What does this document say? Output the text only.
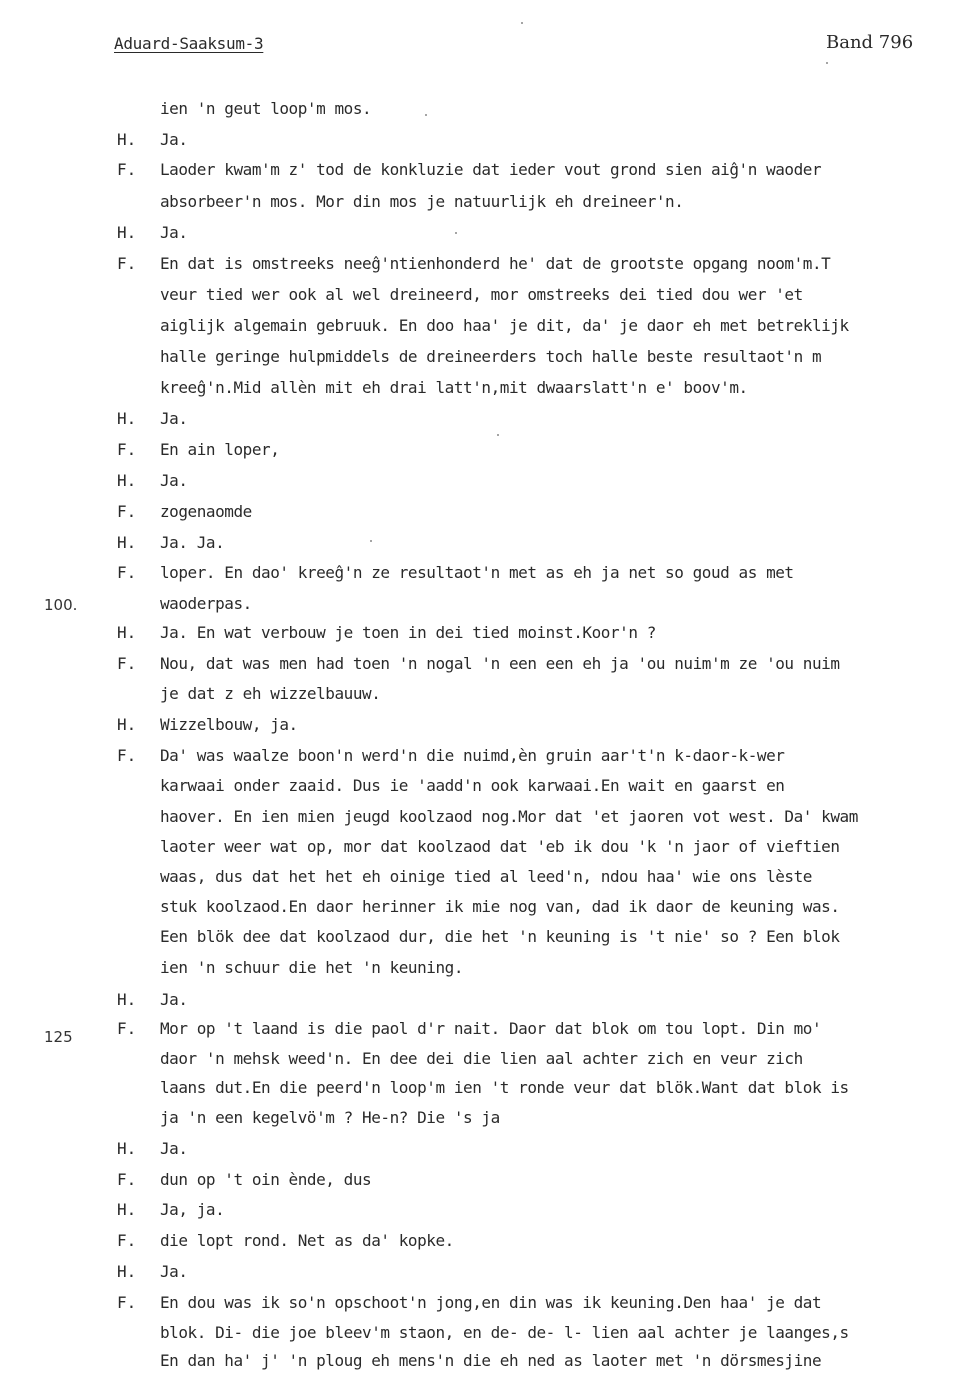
Aduard-Saaksum-3	Band 796
100.
125
ien 'n geut loop'm mos.
H. Ja.
F. Laoder kwam'm z' tod de konkluzie dat ieder vout grond sien aiĝ'n waoder
absorbeer'n mos. Mor din mos je natuurlijk eh dreineer'n.
H. Ja.
F. En dat is omstreeks neeĝ'ntienhonderd he' dat de grootste opgang noom'm.T
veur tied wer ook al wel dreineerd, mor omstreeks dei tied dou wer 'et
aiglijk algemain gebruuk. En doo haa' je dit, da' je daor eh met betreklijk
halle geringe hulpmiddels de dreineerders toch halle beste resultaot'n m
kreeĝ'n.Mid allèn mit eh drai latt'n,mit dwaarslatt'n e' boov'm.
H. Ja.
F. En ain loper,
H. Ja.
F. zogenaomde
H. Ja. Ja.
F. loper. En dao' kreeĝ'n ze resultaot'n met as eh ja net so goud as met
waoderpas.
H. Ja. En wat verbouw je toen in dei tied moinst.Koor'n ?
F. Nou, dat was men had toen 'n nogal 'n een een eh ja 'ou nuim'm ze 'ou nuim
je dat z eh wizzelbauuw.
H. Wizzelbouw, ja.
F. Da' was waalze boon'n werd'n die nuimd,èn gruin aar't'n k-daor-k-wer
karwaai onder zaaid. Dus ie 'aadd'n ook karwaai.En wait en gaarst en
haover. En ien mien jeugd koolzaod nog.Mor dat 'et jaoren vot west. Da' kwam
laoter weer wat op, mor dat koolzaod dat 'eb ik dou 'k 'n jaor of vieftien
waas, dus dat het het eh oinige tied al leed'n, ndou haa' wie ons lèste
stuk koolzaod.En daor herinner ik mie nog van, dad ik daor de keuning was.
Een blök dee dat koolzaod dur, die het 'n keuning is 't nie' so ? Een blok
ien 'n schuur die het 'n keuning.
H. Ja.
F. Mor op 't laand is die paol d'r nait. Daor dat blok om tou lopt. Din mo'
daor 'n mehsk weed'n. En dee dei die lien aal achter zich en veur zich
laans dut.En die peerd'n loop'm ien 't ronde veur dat blök.Want dat blok is
ja 'n een kegelvö'm ? He-n? Die 's ja
H. Ja.
F. dun op 't oin ènde, dus
H. Ja, ja.
F. die lopt rond. Net as da' kopke.
H. Ja.
F. En dou was ik so'n opschoot'n jong,en din was ik keuning.Den haa' je dat
blok. Di- die joe bleev'm staon, en de- de- l- lien aal achter je laanges,s
En dan ha' j' 'n ploug eh mens'n die eh ned as laoter met 'n dörsmesjine
